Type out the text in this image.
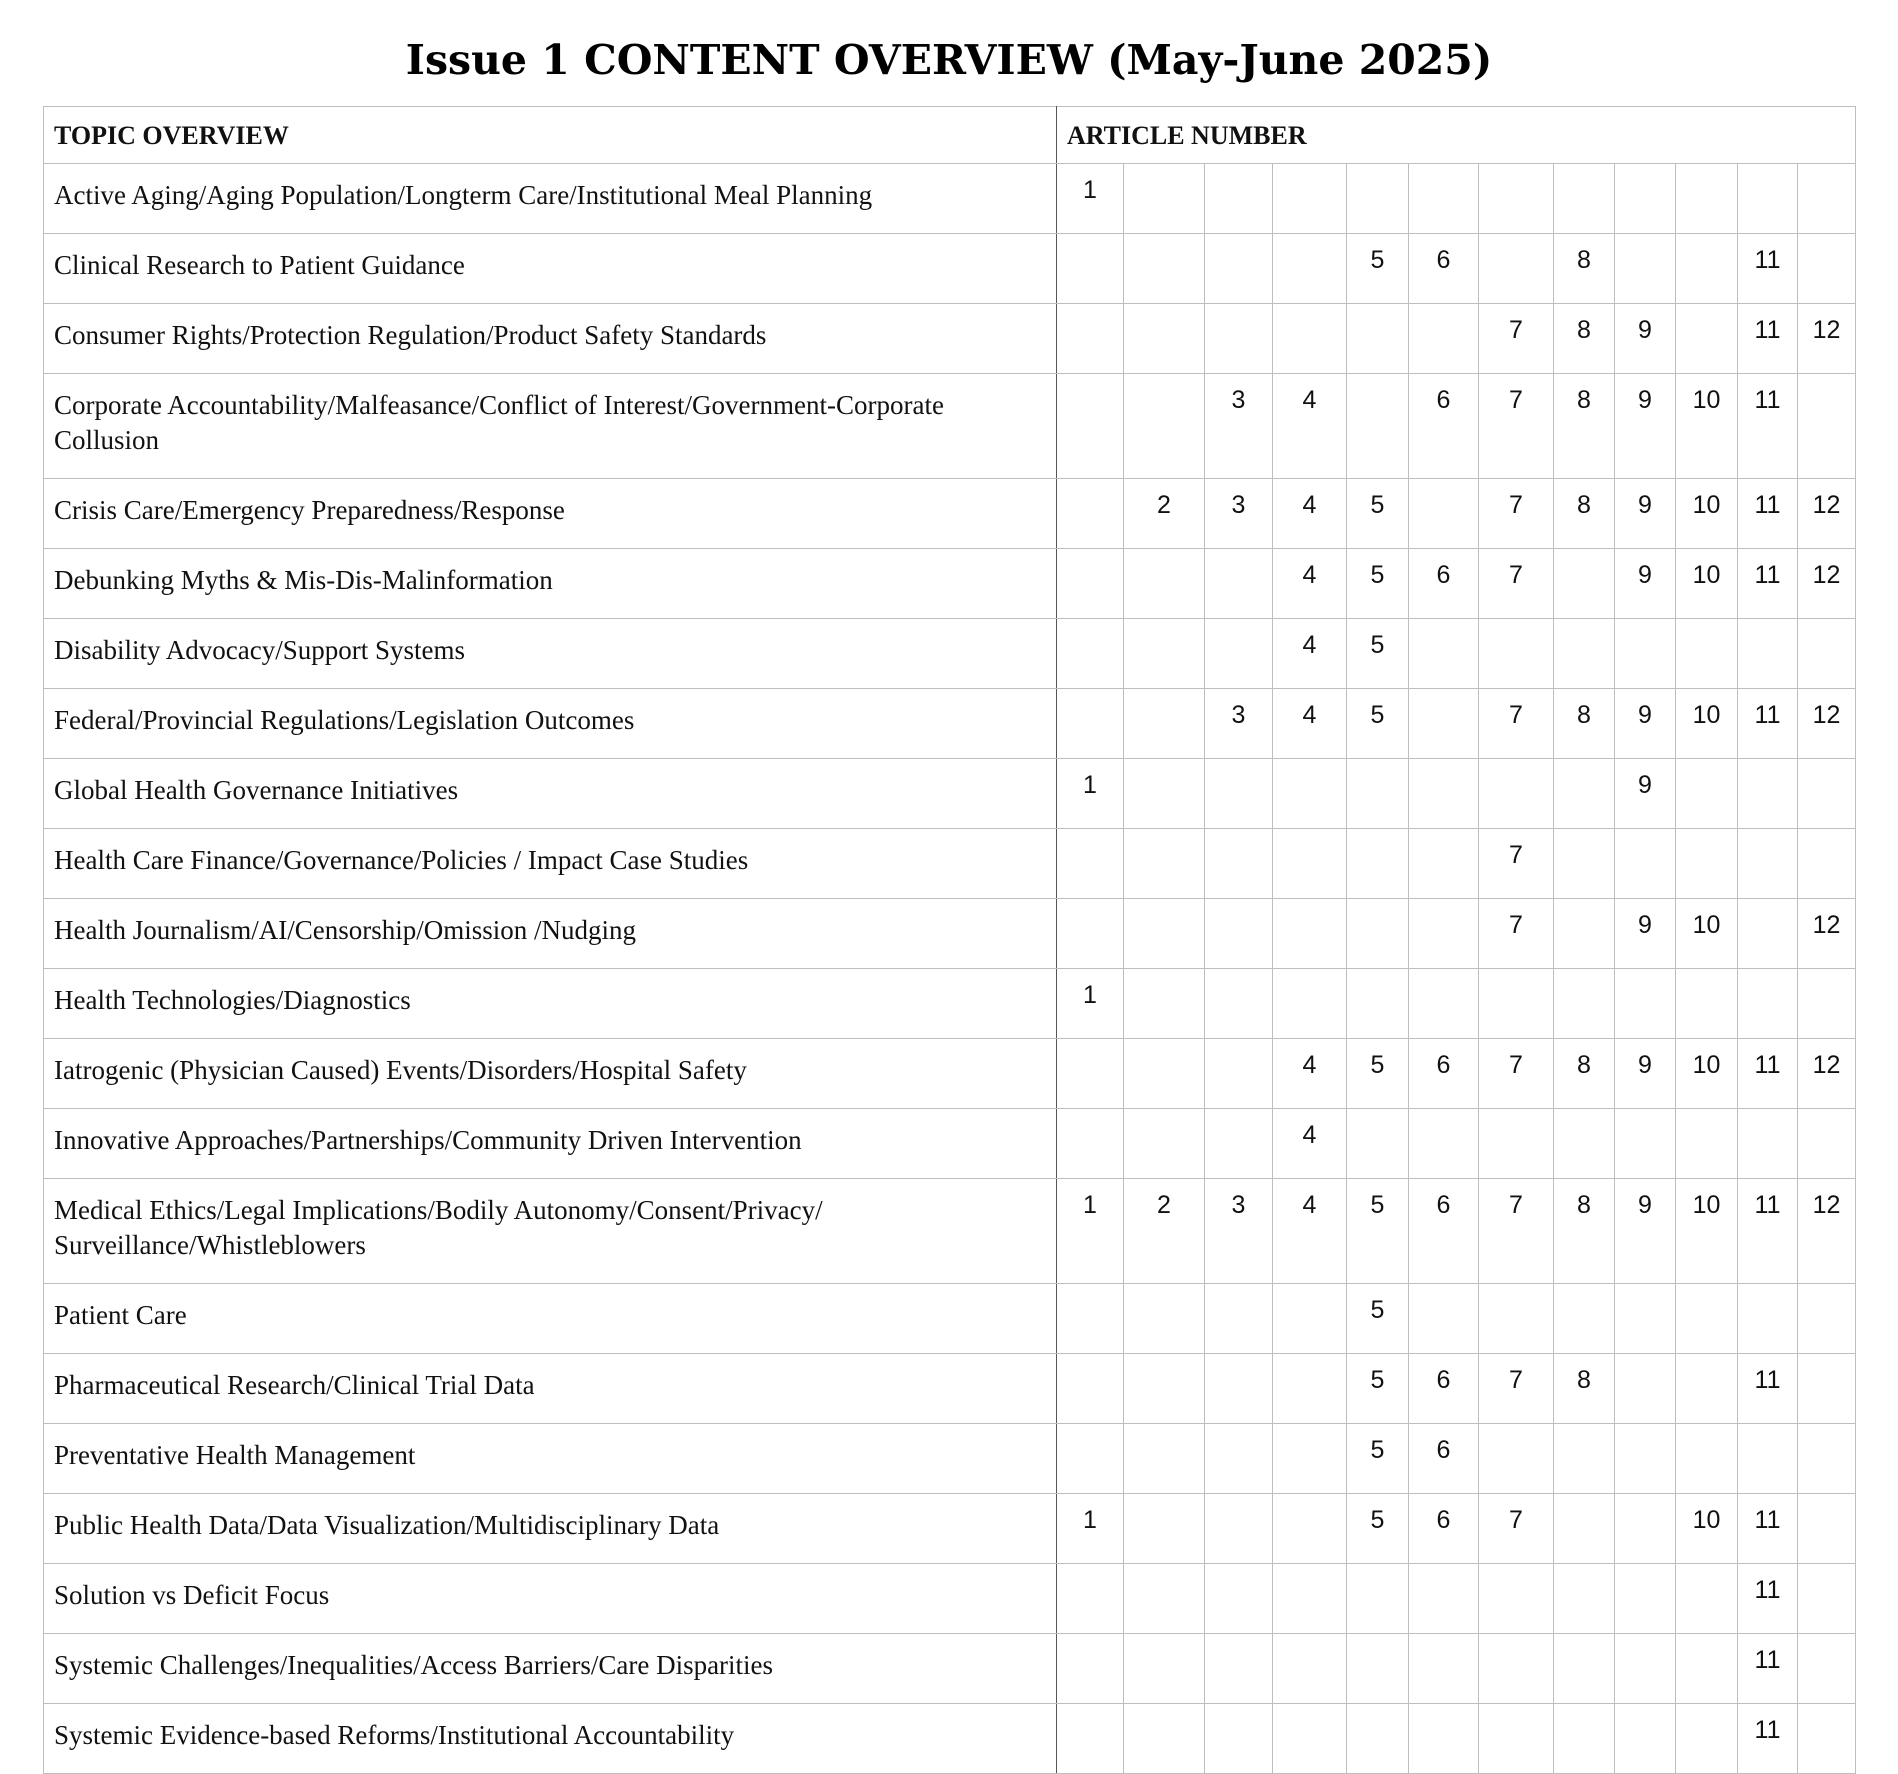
Issue 1 CONTENT OVERVIEW (May-June 2025)
TOPIC OVERVIEW	ARTICLE NUMBER											
Active Aging/Aging Population/Longterm Care/Institutional Meal Planning	1											
Clinical Research to Patient Guidance					5	6		8			11	
Consumer Rights/Protection Regulation/Product Safety Standards							7	8	9		11	12
Corporate Accountability/Malfeasance/Conflict of Interest/Government-Corporate Collusion			3	4		6	7	8	9	10	11	
Crisis Care/Emergency Preparedness/Response		2	3	4	5		7	8	9	10	11	12
Debunking Myths & Mis-Dis-Malinformation				4	5	6	7		9	10	11	12
Disability Advocacy/Support Systems				4	5							
Federal/Provincial Regulations/Legislation Outcomes			3	4	5		7	8	9	10	11	12
Global Health Governance Initiatives	1								9			
Health Care Finance/Governance/Policies / Impact Case Studies							7					
Health Journalism/AI/Censorship/Omission /Nudging							7		9	10		12
Health Technologies/Diagnostics	1											
Iatrogenic (Physician Caused) Events/Disorders/Hospital Safety				4	5	6	7	8	9	10	11	12
Innovative Approaches/Partnerships/Community Driven Intervention				4								
Medical Ethics/Legal Implications/Bodily Autonomy/Consent/Privacy/ Surveillance/Whistleblowers	1	2	3	4	5	6	7	8	9	10	11	12
Patient Care					5							
Pharmaceutical Research/Clinical Trial Data					5	6	7	8			11	
Preventative Health Management					5	6						
Public Health Data/Data Visualization/Multidisciplinary Data	1				5	6	7			10	11	
Solution vs Deficit Focus											11	
Systemic Challenges/Inequalities/Access Barriers/Care Disparities											11	
Systemic Evidence-based Reforms/Institutional Accountability											11	
